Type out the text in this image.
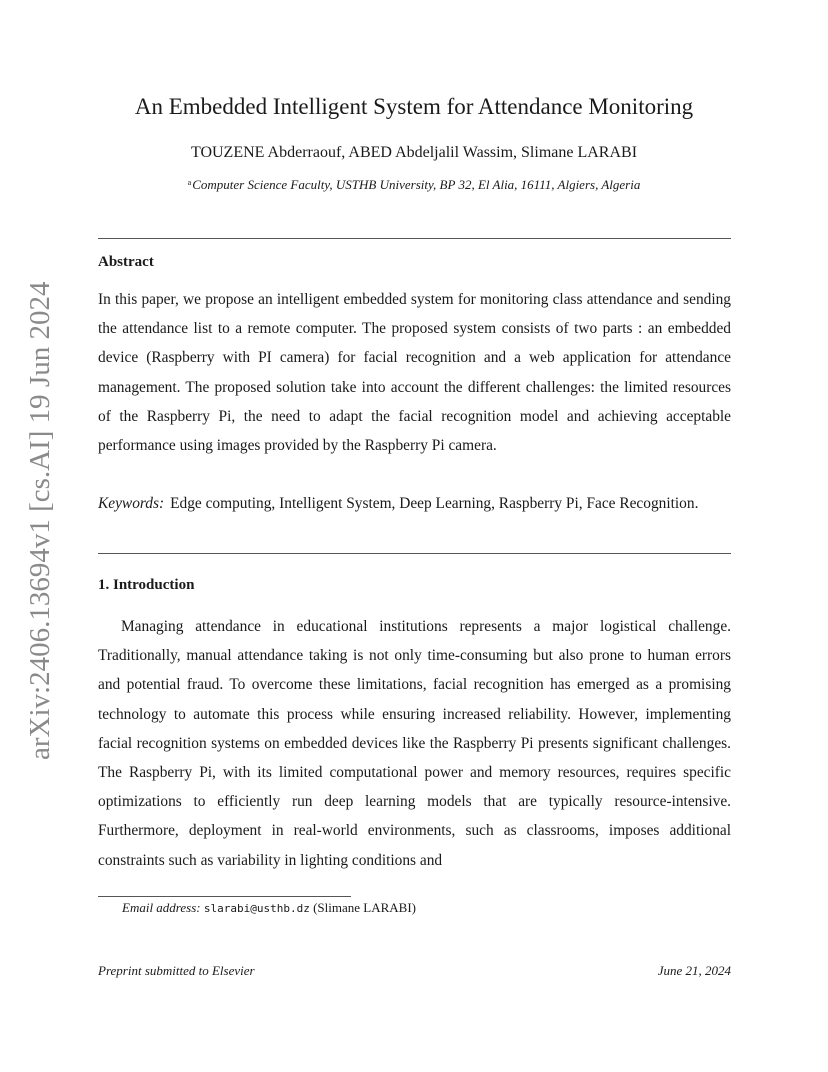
arXiv:2406.13694v1 [cs.AI] 19 Jun 2024
An Embedded Intelligent System for Attendance Monitoring
TOUZENE Abderraouf, ABED Abdeljalil Wassim, Slimane LARABI
$^a$Computer Science Faculty, USTHB University, BP 32, El Alia, 16111, Algiers, Algeria
Abstract

In this paper, we propose an intelligent embedded system for monitoring class attendance and sending the attendance list to a remote computer. The proposed system consists of two parts : an embedded device (Raspberry with PI camera) for facial recognition and a web application for attendance management. The proposed solution take into account the different challenges: the limited resources of the Raspberry Pi, the need to adapt the facial recognition model and achieving acceptable performance using images provided by the Raspberry Pi camera.

Keywords: Edge computing, Intelligent System, Deep Learning, Raspberry Pi, Face Recognition.

1. Introduction

Managing attendance in educational institutions represents a major logistical challenge. Traditionally, manual attendance taking is not only time-consuming but also prone to human errors and potential fraud. To overcome these limitations, facial recognition has emerged as a promising technology to automate this process while ensuring increased reliability. However, implementing facial recognition systems on embedded devices like the Raspberry Pi presents significant challenges. The Raspberry Pi, with its limited computational power and memory resources, requires specific optimizations to efficiently run deep learning models that are typically resource-intensive. Furthermore, deployment in real-world environments, such as classrooms, imposes additional constraints such as variability in lighting conditions and

Email address: slarabi@usthb.dz (Slimane LARABI)
Preprint submitted to Elsevier	June 21, 2024
